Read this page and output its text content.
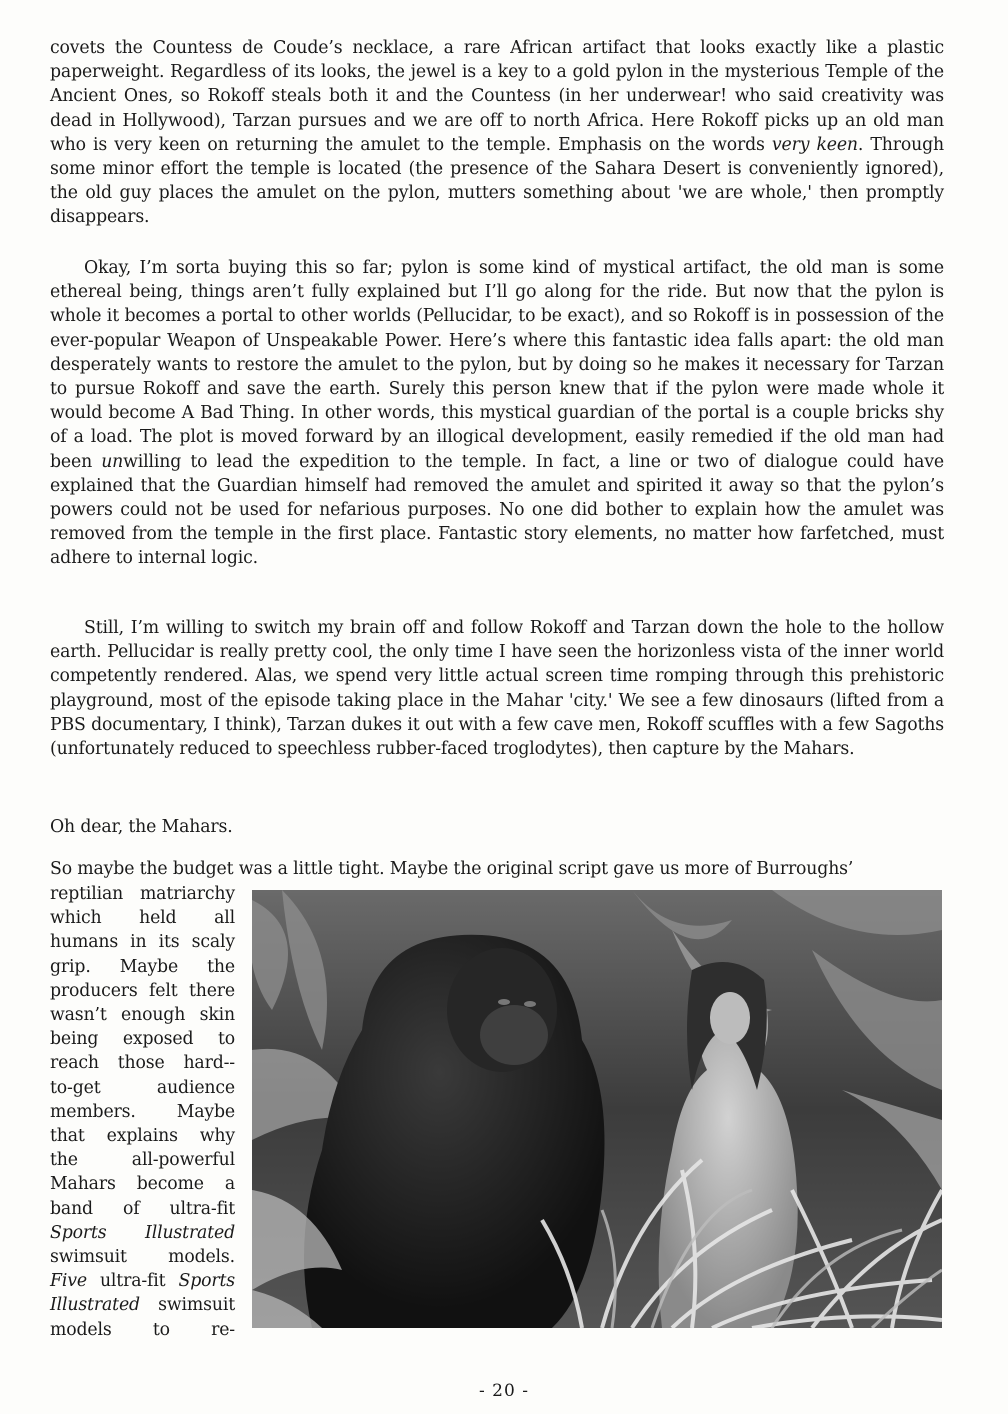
covets the Countess de Coude’s necklace, a rare African artifact that looks exactly like a plastic paperweight. Regardless of its looks, the jewel is a key to a gold pylon in the mysterious Temple of the Ancient Ones, so Rokoff steals both it and the Countess (in her underwear! who said creativity was dead in Hollywood), Tarzan pursues and we are off to north Africa. Here Rokoff picks up an old man who is very keen on returning the amulet to the temple. Emphasis on the words very keen. Through some minor effort the temple is located (the presence of the Sahara Desert is conveniently ignored), the old guy places the amulet on the pylon, mutters something about 'we are whole,' then promptly disappears.

Okay, I’m sorta buying this so far; pylon is some kind of mystical artifact, the old man is some ethereal being, things aren’t fully explained but I’ll go along for the ride. But now that the pylon is whole it becomes a portal to other worlds (Pellucidar, to be exact), and so Rokoff is in possession of the ever-popular Weapon of Unspeakable Power. Here’s where this fantastic idea falls apart: the old man desperately wants to restore the amulet to the pylon, but by doing so he makes it necessary for Tarzan to pursue Rokoff and save the earth. Surely this person knew that if the pylon were made whole it would become A Bad Thing. In other words, this mystical guardian of the portal is a couple bricks shy of a load. The plot is moved forward by an illogical development, easily remedied if the old man had been unwilling to lead the expedition to the temple. In fact, a line or two of dialogue could have explained that the Guardian himself had removed the amulet and spirited it away so that the pylon’s powers could not be used for nefarious purposes. No one did bother to explain how the amulet was removed from the temple in the first place. Fantastic story elements, no matter how farfetched, must adhere to internal logic.

Still, I’m willing to switch my brain off and follow Rokoff and Tarzan down the hole to the hollow earth. Pellucidar is really pretty cool, the only time I have seen the horizonless vista of the inner world competently rendered. Alas, we spend very little actual screen time romping through this prehistoric playground, most of the episode taking place in the Mahar 'city.' We see a few dinosaurs (lifted from a PBS documentary, I think), Tarzan dukes it out with a few cave men, Rokoff scuffles with a few Sagoths (unfortunately reduced to speechless rubber-faced troglodytes), then capture by the Mahars.

Oh dear, the Mahars.

So maybe the budget was a little tight. Maybe the original script gave us more of Burroughs’

reptilian matriarchy
which held all
humans in its scaly
grip. Maybe the
producers felt there
wasn’t enough skin
being exposed to
reach those hard--
to-get audience
members. Maybe
that explains why
the all-powerful
Mahars become a
band of ultra-fit
Sports Illustrated
swimsuit models.
Five ultra-fit Sports
Illustrated swimsuit
models to re-
- 20 -
